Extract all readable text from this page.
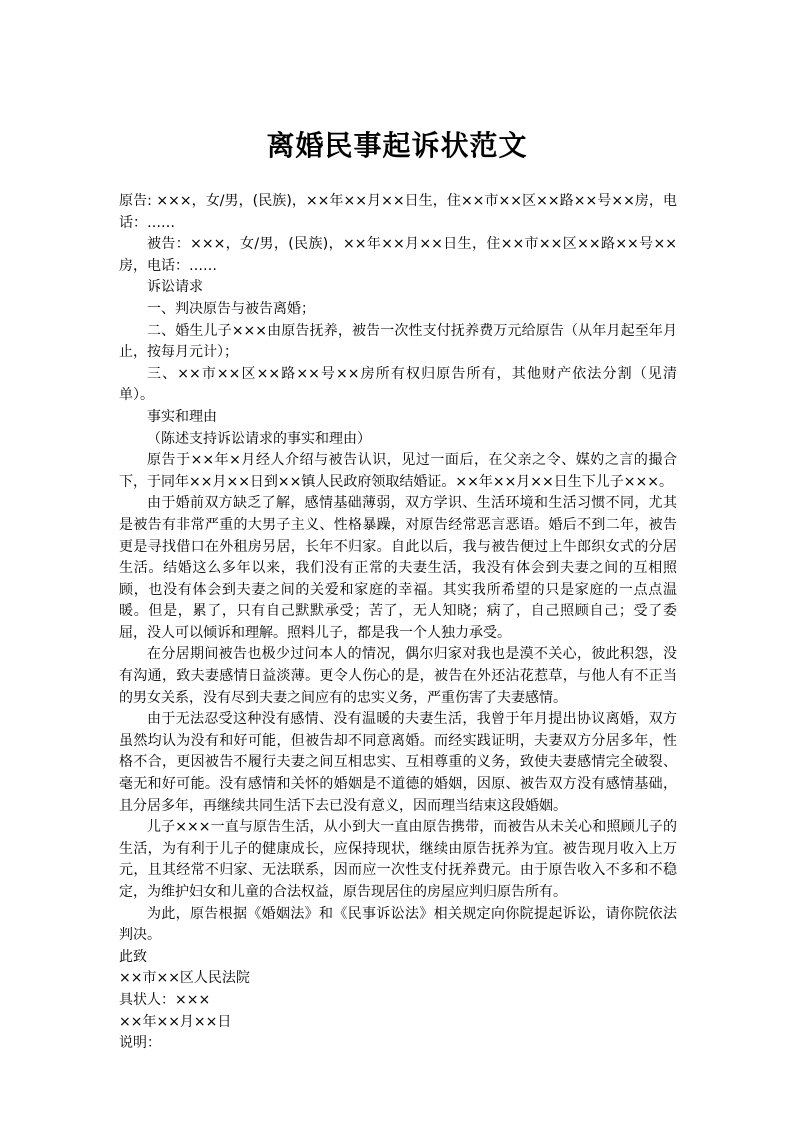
离婚民事起诉状范文

原告: ×××，女/男，(民族)，××年××月××日生，住××市××区××路××号××房，电话：……

被告：×××，女/男，(民族)，××年××月××日生，住××市××区××路××号××房，电话：……

诉讼请求

一、判决原告与被告离婚；

二、婚生儿子×××由原告抚养，被告一次性支付抚养费万元给原告（从年月起至年月止，按每月元计）；

三、××市××区××路××号××房所有权归原告所有，其他财产依法分割（见清单）。

事实和理由

（陈述支持诉讼请求的事实和理由）

原告于××年×月经人介绍与被告认识，见过一面后，在父亲之令、媒妁之言的撮合下，于同年××月××日到××镇人民政府领取结婚证。××年××月××日生下儿子×××。

由于婚前双方缺乏了解，感情基础薄弱，双方学识、生活环境和生活习惯不同，尤其是被告有非常严重的大男子主义、性格暴躁，对原告经常恶言恶语。婚后不到二年，被告更是寻找借口在外租房另居，长年不归家。自此以后，我与被告便过上牛郎织女式的分居生活。结婚这么多年以来，我们没有正常的夫妻生活，我没有体会到夫妻之间的互相照顾，也没有体会到夫妻之间的关爱和家庭的幸福。其实我所希望的只是家庭的一点点温暖。但是，累了，只有自己默默承受；苦了，无人知晓；病了，自己照顾自己；受了委屈，没人可以倾诉和理解。照料儿子，都是我一个人独力承受。

在分居期间被告也极少过问本人的情况，偶尔归家对我也是漠不关心，彼此积怨，没有沟通，致夫妻感情日益淡薄。更令人伤心的是，被告在外还沾花惹草，与他人有不正当的男女关系，没有尽到夫妻之间应有的忠实义务，严重伤害了夫妻感情。

由于无法忍受这种没有感情、没有温暖的夫妻生活，我曾于年月提出协议离婚，双方虽然均认为没有和好可能，但被告却不同意离婚。而经实践证明，夫妻双方分居多年，性格不合，更因被告不履行夫妻之间互相忠实、互相尊重的义务，致使夫妻感情完全破裂、毫无和好可能。没有感情和关怀的婚姻是不道德的婚姻，因原、被告双方没有感情基础，且分居多年，再继续共同生活下去已没有意义，因而理当结束这段婚姻。

儿子×××一直与原告生活，从小到大一直由原告携带，而被告从未关心和照顾儿子的生活，为有利于儿子的健康成长，应保持现状，继续由原告抚养为宜。被告现月收入上万元，且其经常不归家、无法联系，因而应一次性支付抚养费元。由于原告收入不多和不稳定，为维护妇女和儿童的合法权益，原告现居住的房屋应判归原告所有。

为此，原告根据《婚姻法》和《民事诉讼法》相关规定向你院提起诉讼，请你院依法判决。

此致

××市××区人民法院

具状人：×××

××年××月××日

说明：
